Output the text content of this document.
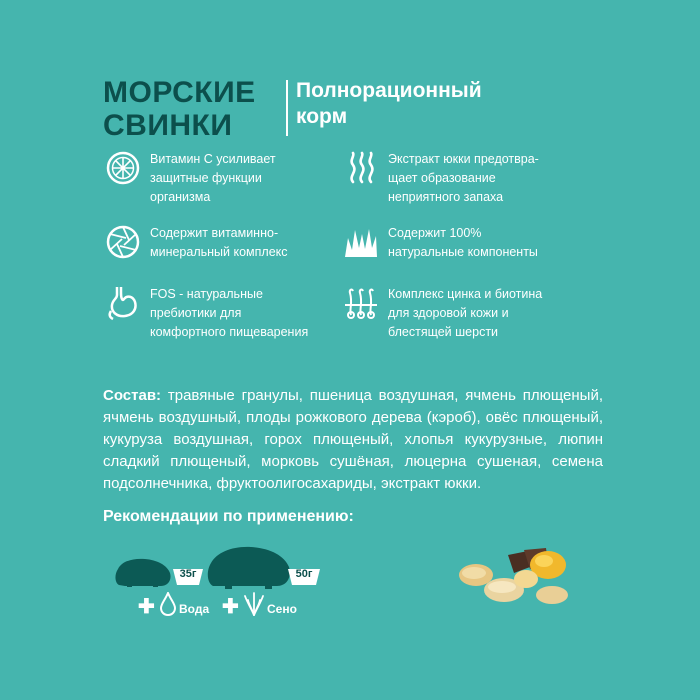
МОРСКИЕ
СВИНКИ
Полнорационный
корм
Витамин С усиливает
защитные функции
организма
Экстракт юкки предотвра-
щает образование
неприятного запаха
Содержит витаминно-
минеральный комплекс
Содержит 100%
натуральные компоненты
FOS - натуральные
пребиотики для
комфортного пищеварения
Комплекс цинка и биотина
для здоровой кожи и
блестящей шерсти
Состав: травяные гранулы, пшеница воздушная, ячмень плющеный, ячмень воздушный, плоды рожкового дерева (кэроб), овёс плющеный, кукуруза воздушная, горох плющеный, хлопья кукурузные, люпин сладкий плющеный, морковь сушёная, люцерна сушеная, семена подсолнечника, фруктоолигосахариды, экстракт юкки.
Рекомендации по применению:
35г	50г
✚ Вода ✚ Сено
